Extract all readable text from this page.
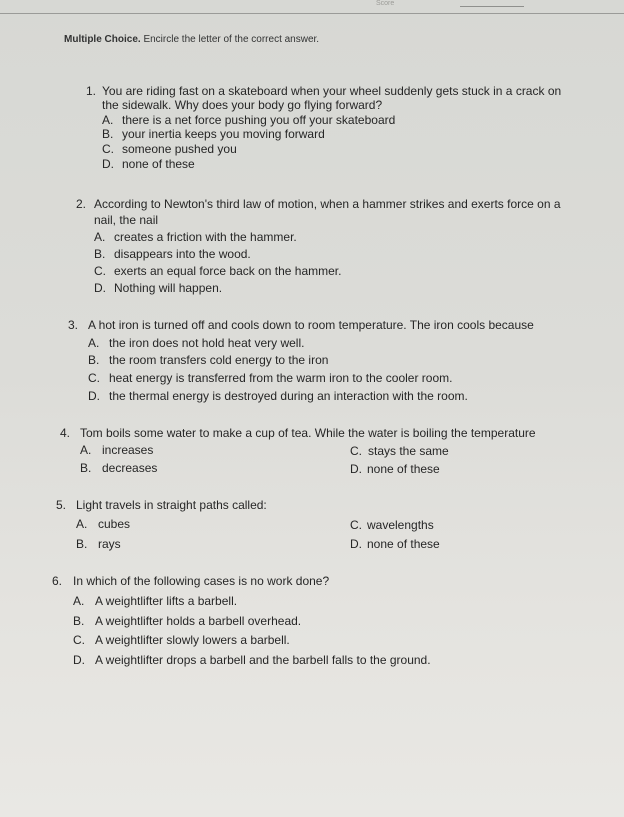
Score
Multiple Choice. Encircle the letter of the correct answer.
1. You are riding fast on a skateboard when your wheel suddenly gets stuck in a crack on
the sidewalk. Why does your body go flying forward?
A. there is a net force pushing you off your skateboard
B. your inertia keeps you moving forward
C. someone pushed you
D. none of these
2. According to Newton's third law of motion, when a hammer strikes and exerts force on a
nail, the nail
A. creates a friction with the hammer.
B. disappears into the wood.
C. exerts an equal force back on the hammer.
D. Nothing will happen.
3. A hot iron is turned off and cools down to room temperature. The iron cools because
A. the iron does not hold heat very well.
B. the room transfers cold energy to the iron
C. heat energy is transferred from the warm iron to the cooler room.
D. the thermal energy is destroyed during an interaction with the room.
4. Tom boils some water to make a cup of tea. While the water is boiling the temperature
A. increases	C. stays the same
B. decreases	D. none of these
5. Light travels in straight paths called:
A. cubes	C. wavelengths
B. rays	D. none of these
6. In which of the following cases is no work done?
A. A weightlifter lifts a barbell.
B. A weightlifter holds a barbell overhead.
C. A weightlifter slowly lowers a barbell.
D. A weightlifter drops a barbell and the barbell falls to the ground.
